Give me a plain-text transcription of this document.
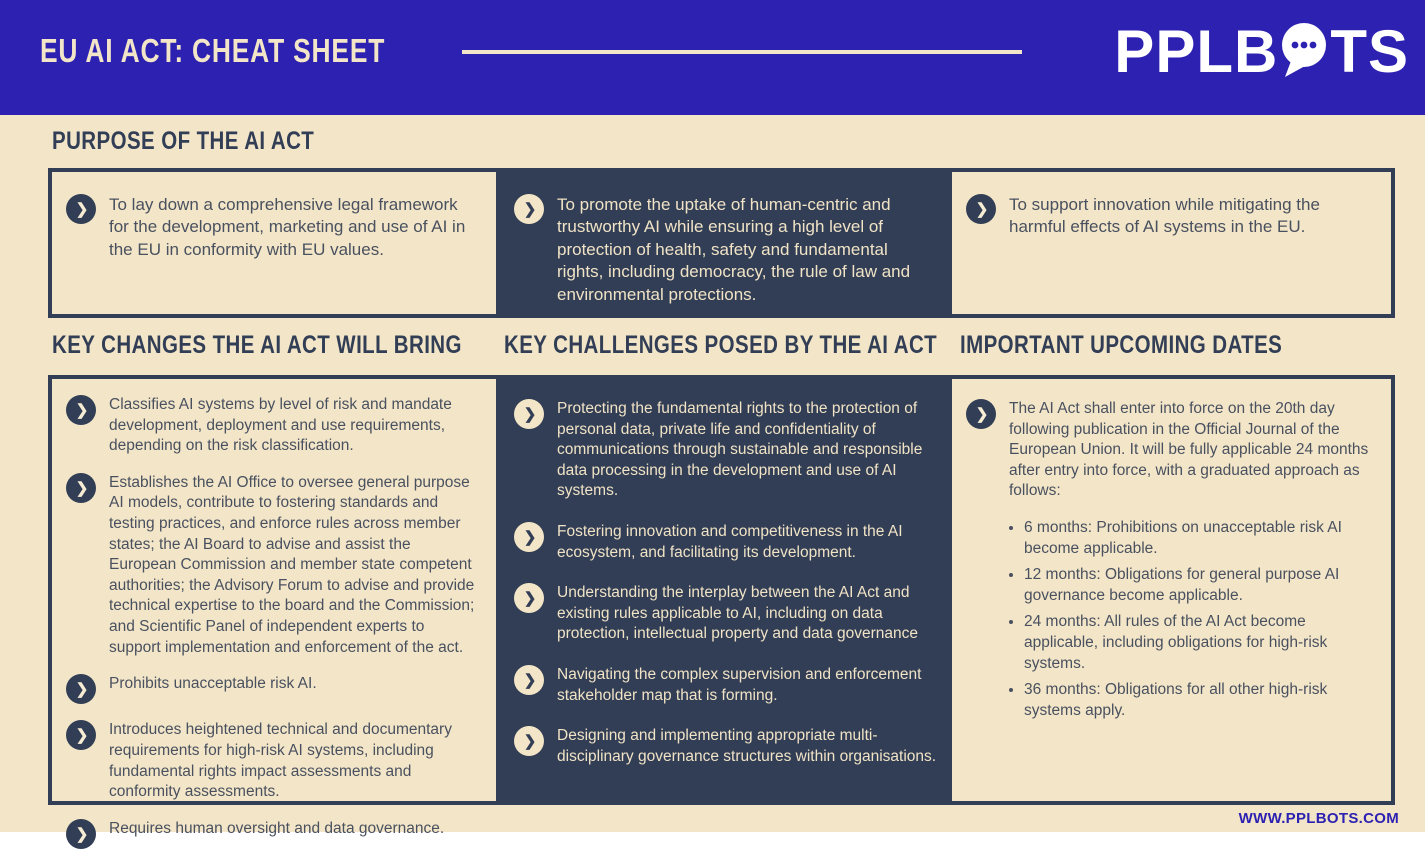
EU AI ACT: CHEAT SHEET	PPLB TS
PURPOSE OF THE AI ACT
❯	To lay down a comprehensive legal framework for the development, marketing and use of AI in the EU in conformity with EU values.

❯	To promote the uptake of human-centric and trustworthy AI while ensuring a high level of protection of health, safety and fundamental rights, including democracy, the rule of law and environmental protections.

❯	To support innovation while mitigating the harmful effects of AI systems in the EU.

KEY CHANGES THE AI ACT WILL BRING KEY CHALLENGES POSED BY THE AI ACT IMPORTANT UPCOMING DATES
❯	Classifies AI systems by level of risk and mandate development, deployment and use requirements, depending on the risk classification.

❯	Establishes the AI Office to oversee general purpose AI models, contribute to fostering standards and testing practices, and enforce rules across member states; the AI Board to advise and assist the European Commission and member state competent authorities; the Advisory Forum to advise and provide technical expertise to the board and the Commission; and Scientific Panel of independent experts to support implementation and enforcement of the act.

❯	Prohibits unacceptable risk AI.

❯	Introduces heightened technical and documentary requirements for high-risk AI systems, including fundamental rights impact assessments and conformity assessments.

❯	Requires human oversight and data governance.

❯	Protecting the fundamental rights to the protection of personal data, private life and confidentiality of communications through sustainable and responsible data processing in the development and use of AI systems.

❯	Fostering innovation and competitiveness in the AI ecosystem, and facilitating its development.

❯	Understanding the interplay between the AI Act and existing rules applicable to AI, including on data protection, intellectual property and data governance

❯	Navigating the complex supervision and enforcement stakeholder map that is forming.

❯	Designing and implementing appropriate multi-disciplinary governance structures within organisations.

❯	The AI Act shall enter into force on the 20th day following publication in the Official Journal of the European Union. It will be fully applicable 24 months after entry into force, with a graduated approach as follows:

• 6 months: Prohibitions on unacceptable risk AI become applicable.
• 12 months: Obligations for general purpose AI governance become applicable.
• 24 months: All rules of the AI Act become applicable, including obligations for high-risk systems.
• 36 months: Obligations for all other high-risk systems apply.

WWW.PPLBOTS.COM
